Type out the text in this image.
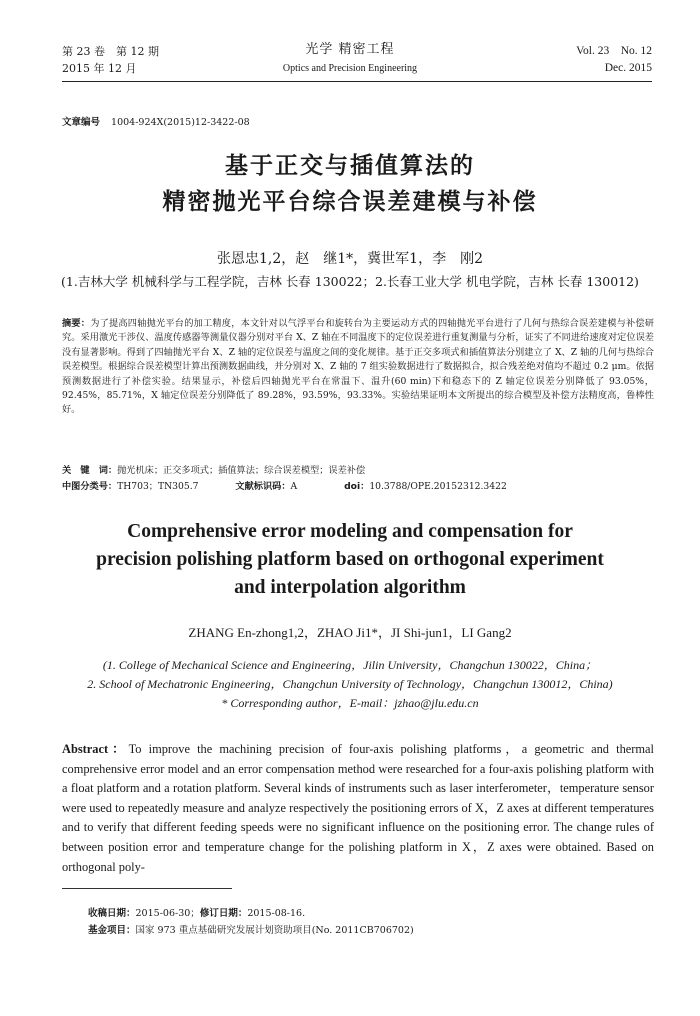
第 23 卷　第 12 期
2015 年 12 月
光学 精密工程
Optics and Precision Engineering
Vol. 23　No. 12
Dec. 2015
文章编号 1004-924X(2015)12-3422-08
基于正交与插值算法的
精密抛光平台综合误差建模与补偿
张恩忠1,2，赵　继1*，冀世军1，李　刚2
(1.吉林大学 机械科学与工程学院，吉林 长春 130022；2.长春工业大学 机电学院，吉林 长春 130012)
摘要：为了提高四轴抛光平台的加工精度，本文针对以气浮平台和旋转台为主要运动方式的四轴抛光平台进行了几何与热综合误差建模与补偿研究。采用激光干涉仪、温度传感器等测量仪器分别对平台 X、Z 轴在不同温度下的定位误差进行重复测量与分析，证实了不同进给速度对定位误差没有显著影响。得到了四轴抛光平台 X、Z 轴的定位误差与温度之间的变化规律。基于正交多项式和插值算法分别建立了 X、Z 轴的几何与热综合误差模型。根据综合误差模型计算出预测数据曲线，并分别对 X、Z 轴的 7 组实验数据进行了数据拟合，拟合残差绝对值均不超过 0.2 μm。依据预测数据进行了补偿实验。结果显示，补偿后四轴抛光平台在常温下、温升(60 min)下和稳态下的 Z 轴定位误差分别降低了 93.05%，92.45%，85.71%，X 轴定位误差分别降低了 89.28%，93.59%，93.33%。实验结果证明本文所提出的综合模型及补偿方法精度高，鲁棒性好。
关　键　词：抛光机床；正交多项式；插值算法；综合误差模型；误差补偿
中图分类号：TH703；TN305.7	文献标识码：A	doi：10.3788/OPE.20152312.3422
Comprehensive error modeling and compensation for
precision polishing platform based on orthogonal experiment
and interpolation algorithm
ZHANG En-zhong1,2，ZHAO Ji1*，JI Shi-jun1，LI Gang2
(1. College of Mechanical Science and Engineering，Jilin University，Changchun 130022，China；
2. School of Mechatronic Engineering，Changchun University of Technology，Changchun 130012，China)
* Corresponding author，E-mail：jzhao@jlu.edu.cn
Abstract：To improve the machining precision of four-axis polishing platforms，a geometric and thermal comprehensive error model and an error compensation method were researched for a four-axis polishing platform with a float platform and a rotation platform. Several kinds of instruments such as laser interferometer，temperature sensor were used to repeatedly measure and analyze respectively the positioning errors of X，Z axes at different temperatures and to verify that different feeding speeds were no significant influence on the positioning error. The change rules of between position error and temperature change for the polishing platform in X，Z axes were obtained. Based on orthogonal poly-
收稿日期：2015-06-30；修订日期：2015-08-16.
基金项目：国家 973 重点基础研究发展计划资助项目(No. 2011CB706702)
